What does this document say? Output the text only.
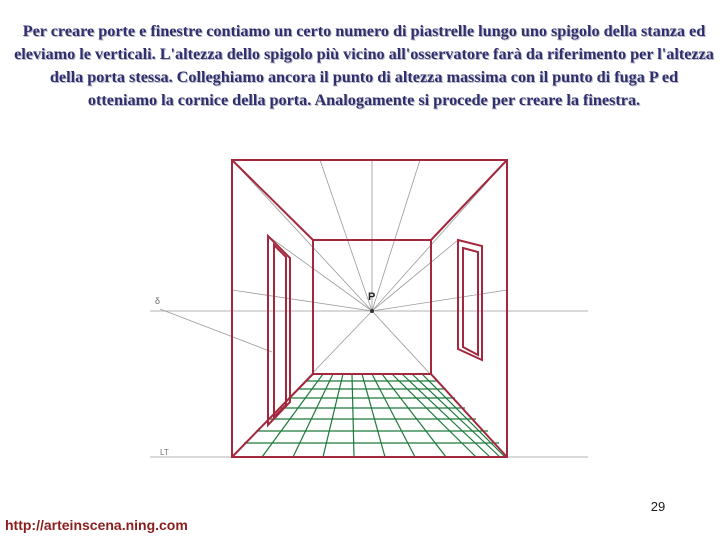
Per creare porte e finestre contiamo un certo numero di piastrelle lungo uno spigolo della stanza ed eleviamo le verticali. L'altezza dello spigolo più vicino all'osservatore farà da riferimento per l'altezza della porta stessa. Colleghiamo ancora il punto di altezza massima con il punto di fuga P ed otteniamo la cornice della porta. Analogamente si procede per creare la finestra.

P
δ
LT
29
http://arteinscena.ning.com
